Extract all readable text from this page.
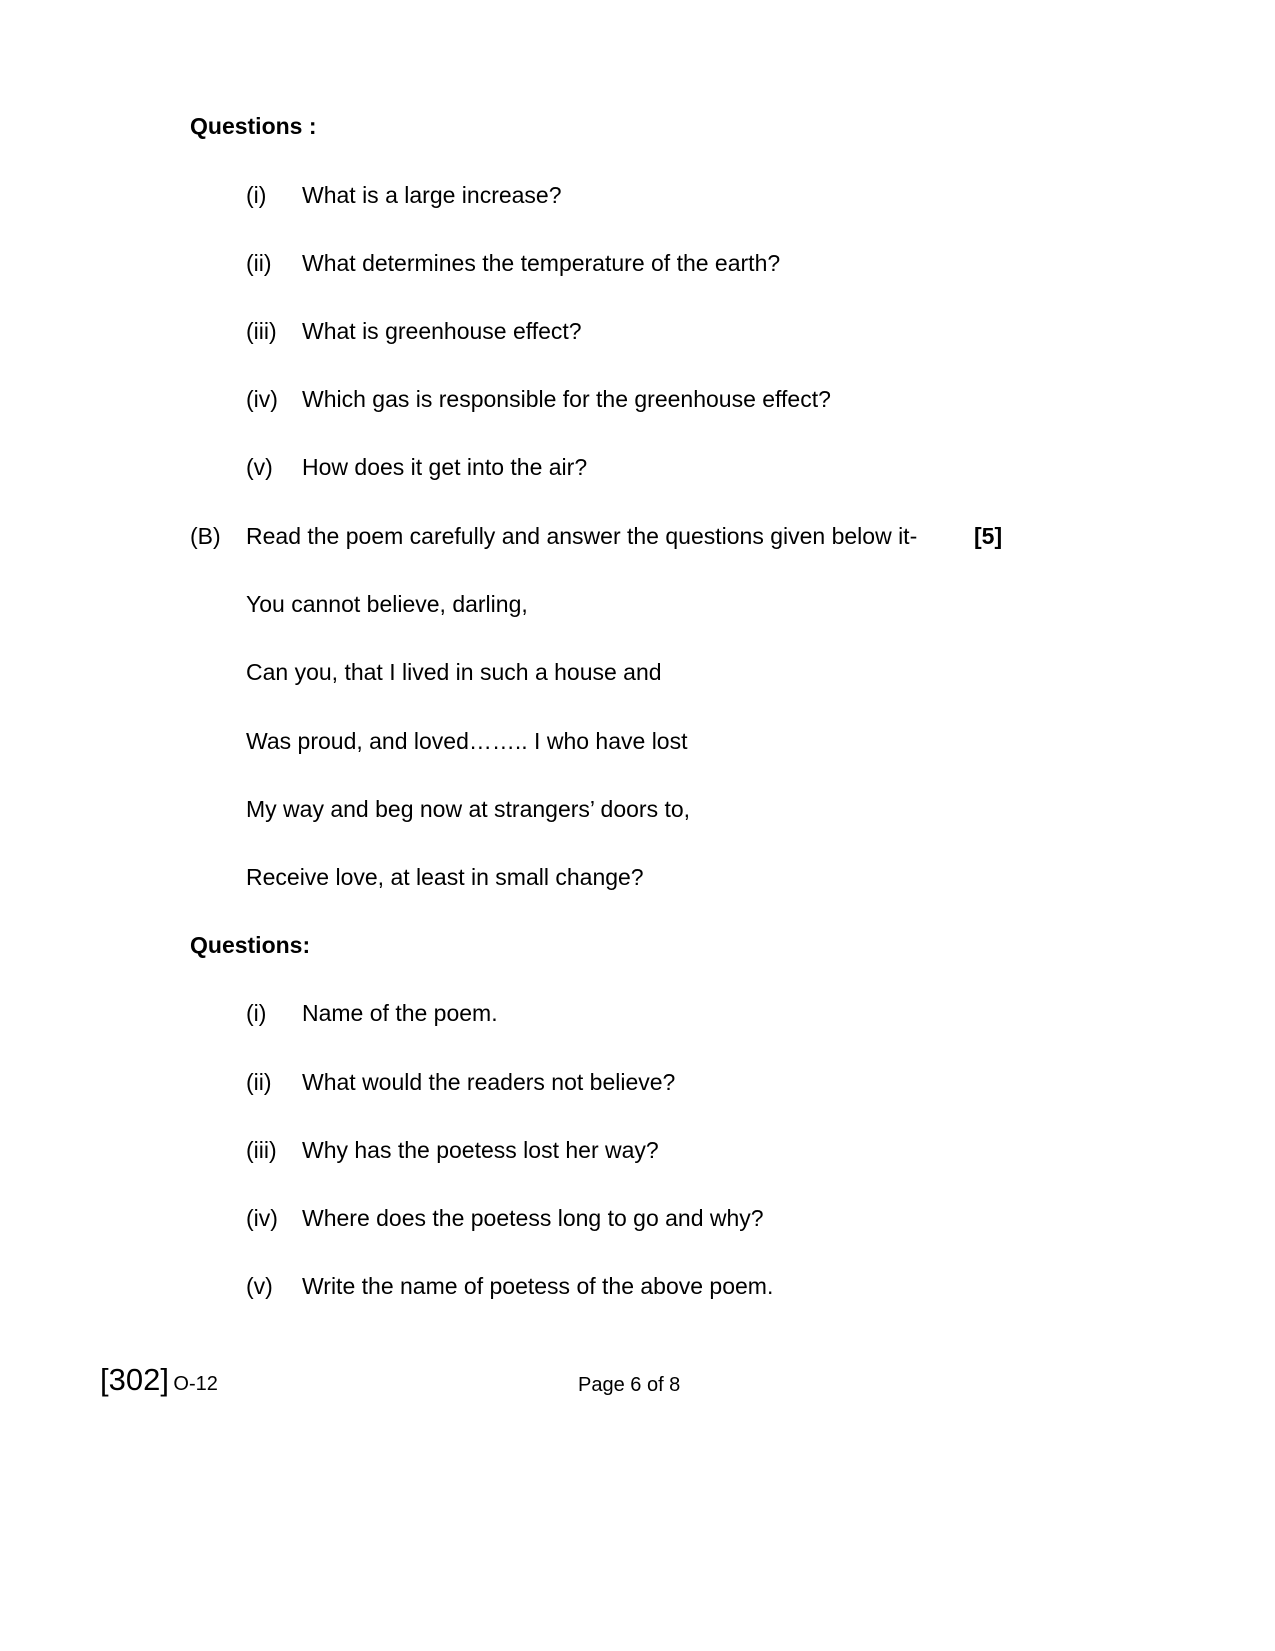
Questions :
(i) What is a large increase?
(ii) What determines the temperature of the earth?
(iii) What is greenhouse effect?
(iv) Which gas is responsible for the greenhouse effect?
(v) How does it get into the air?
(B) Read the poem carefully and answer the questions given below it- [5]
You cannot believe, darling,
Can you, that I lived in such a house and
Was proud, and loved…….. I who have lost
My way and beg now at strangers’ doors to,
Receive love, at least in small change?
Questions:
(i) Name of the poem.
(ii) What would the readers not believe?
(iii) Why has the poetess lost her way?
(iv) Where does the poetess long to go and why?
(v) Write the name of poetess of the above poem.
[302] O-12	Page 6 of 8
